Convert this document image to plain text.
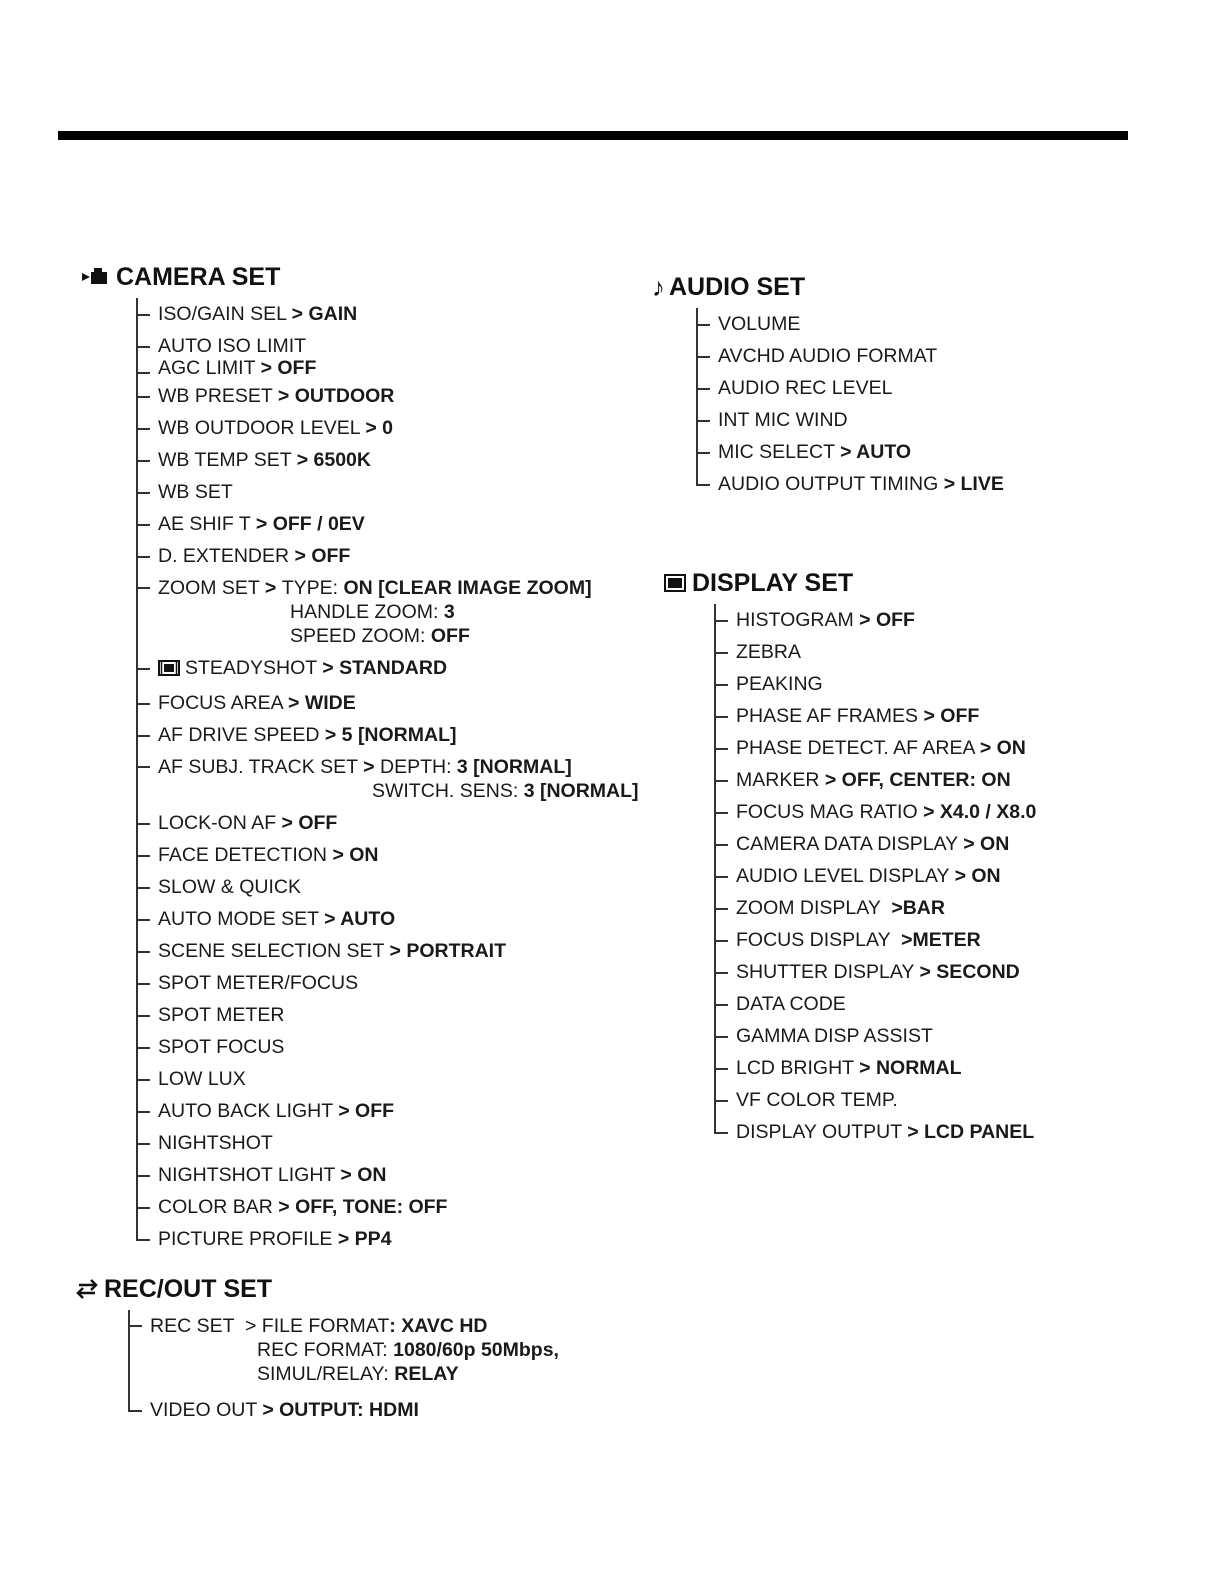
CAMERA SET
ISO/GAIN SEL > GAIN
AUTO ISO LIMIT
AGC LIMIT > OFF
WB PRESET > OUTDOOR
WB OUTDOOR LEVEL > 0
WB TEMP SET > 6500K
WB SET
AE SHIF T > OFF / 0EV
D. EXTENDER > OFF
ZOOM SET > TYPE: ON [CLEAR IMAGE ZOOM]
HANDLE ZOOM: 3
SPEED ZOOM: OFF
STEADYSHOT > STANDARD
FOCUS AREA > WIDE
AF DRIVE SPEED > 5 [NORMAL]
AF SUBJ. TRACK SET > DEPTH: 3 [NORMAL]
SWITCH. SENS: 3 [NORMAL]
LOCK-ON AF > OFF
FACE DETECTION > ON
SLOW & QUICK
AUTO MODE SET > AUTO
SCENE SELECTION SET > PORTRAIT
SPOT METER/FOCUS
SPOT METER
SPOT FOCUS
LOW LUX
AUTO BACK LIGHT > OFF
NIGHTSHOT
NIGHTSHOT LIGHT > ON
COLOR BAR > OFF, TONE: OFF
PICTURE PROFILE > PP4
♪ AUDIO SET
VOLUME
AVCHD AUDIO FORMAT
AUDIO REC LEVEL
INT MIC WIND
MIC SELECT > AUTO
AUDIO OUTPUT TIMING > LIVE
DISPLAY SET
HISTOGRAM > OFF
ZEBRA
PEAKING
PHASE AF FRAMES > OFF
PHASE DETECT. AF AREA > ON
MARKER > OFF, CENTER: ON
FOCUS MAG RATIO > X4.0 / X8.0
CAMERA DATA DISPLAY > ON
AUDIO LEVEL DISPLAY > ON
ZOOM DISPLAY  >BAR
FOCUS DISPLAY  >METER
SHUTTER DISPLAY > SECOND
DATA CODE
GAMMA DISP ASSIST
LCD BRIGHT > NORMAL
VF COLOR TEMP.
DISPLAY OUTPUT > LCD PANEL
REC/OUT SET
REC SET  > FILE FORMAT: XAVC HD
REC FORMAT: 1080/60p 50Mbps,
SIMUL/RELAY: RELAY
VIDEO OUT > OUTPUT: HDMI
